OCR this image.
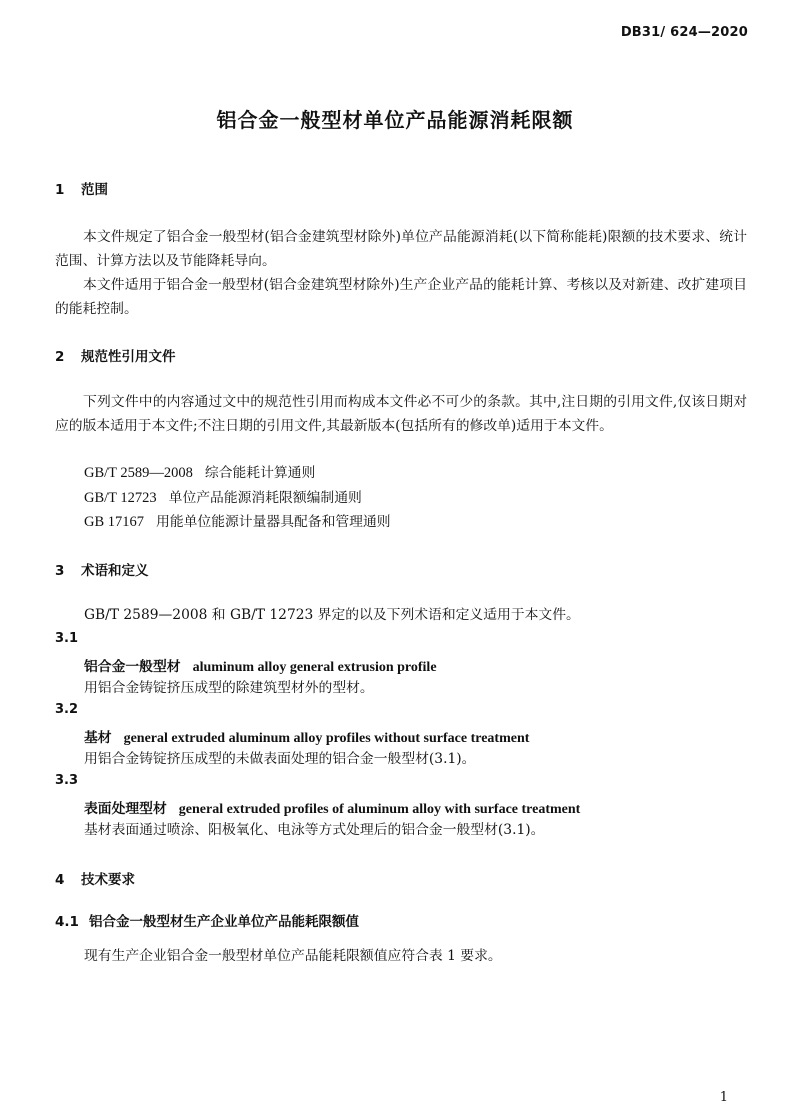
DB31/ 624—2020
铝合金一般型材单位产品能源消耗限额
1 范围
本文件规定了铝合金一般型材(铝合金建筑型材除外)单位产品能源消耗(以下简称能耗)限额的技术要求、统计范围、计算方法以及节能降耗导向。
本文件适用于铝合金一般型材(铝合金建筑型材除外)生产企业产品的能耗计算、考核以及对新建、改扩建项目的能耗控制。
2 规范性引用文件
下列文件中的内容通过文中的规范性引用而构成本文件必不可少的条款。其中,注日期的引用文件,仅该日期对应的版本适用于本文件;不注日期的引用文件,其最新版本(包括所有的修改单)适用于本文件。
GB/T 2589—2008 综合能耗计算通则
GB/T 12723 单位产品能源消耗限额编制通则
GB 17167 用能单位能源计量器具配备和管理通则
3 术语和定义
GB/T 2589—2008 和 GB/T 12723 界定的以及下列术语和定义适用于本文件。
3.1
铝合金一般型材 aluminum alloy general extrusion profile
用铝合金铸锭挤压成型的除建筑型材外的型材。
3.2
基材 general extruded aluminum alloy profiles without surface treatment
用铝合金铸锭挤压成型的未做表面处理的铝合金一般型材(3.1)。
3.3
表面处理型材 general extruded profiles of aluminum alloy with surface treatment
基材表面通过喷涂、阳极氧化、电泳等方式处理后的铝合金一般型材(3.1)。
4 技术要求
4.1 铝合金一般型材生产企业单位产品能耗限额值
现有生产企业铝合金一般型材单位产品能耗限额值应符合表 1 要求。
1
